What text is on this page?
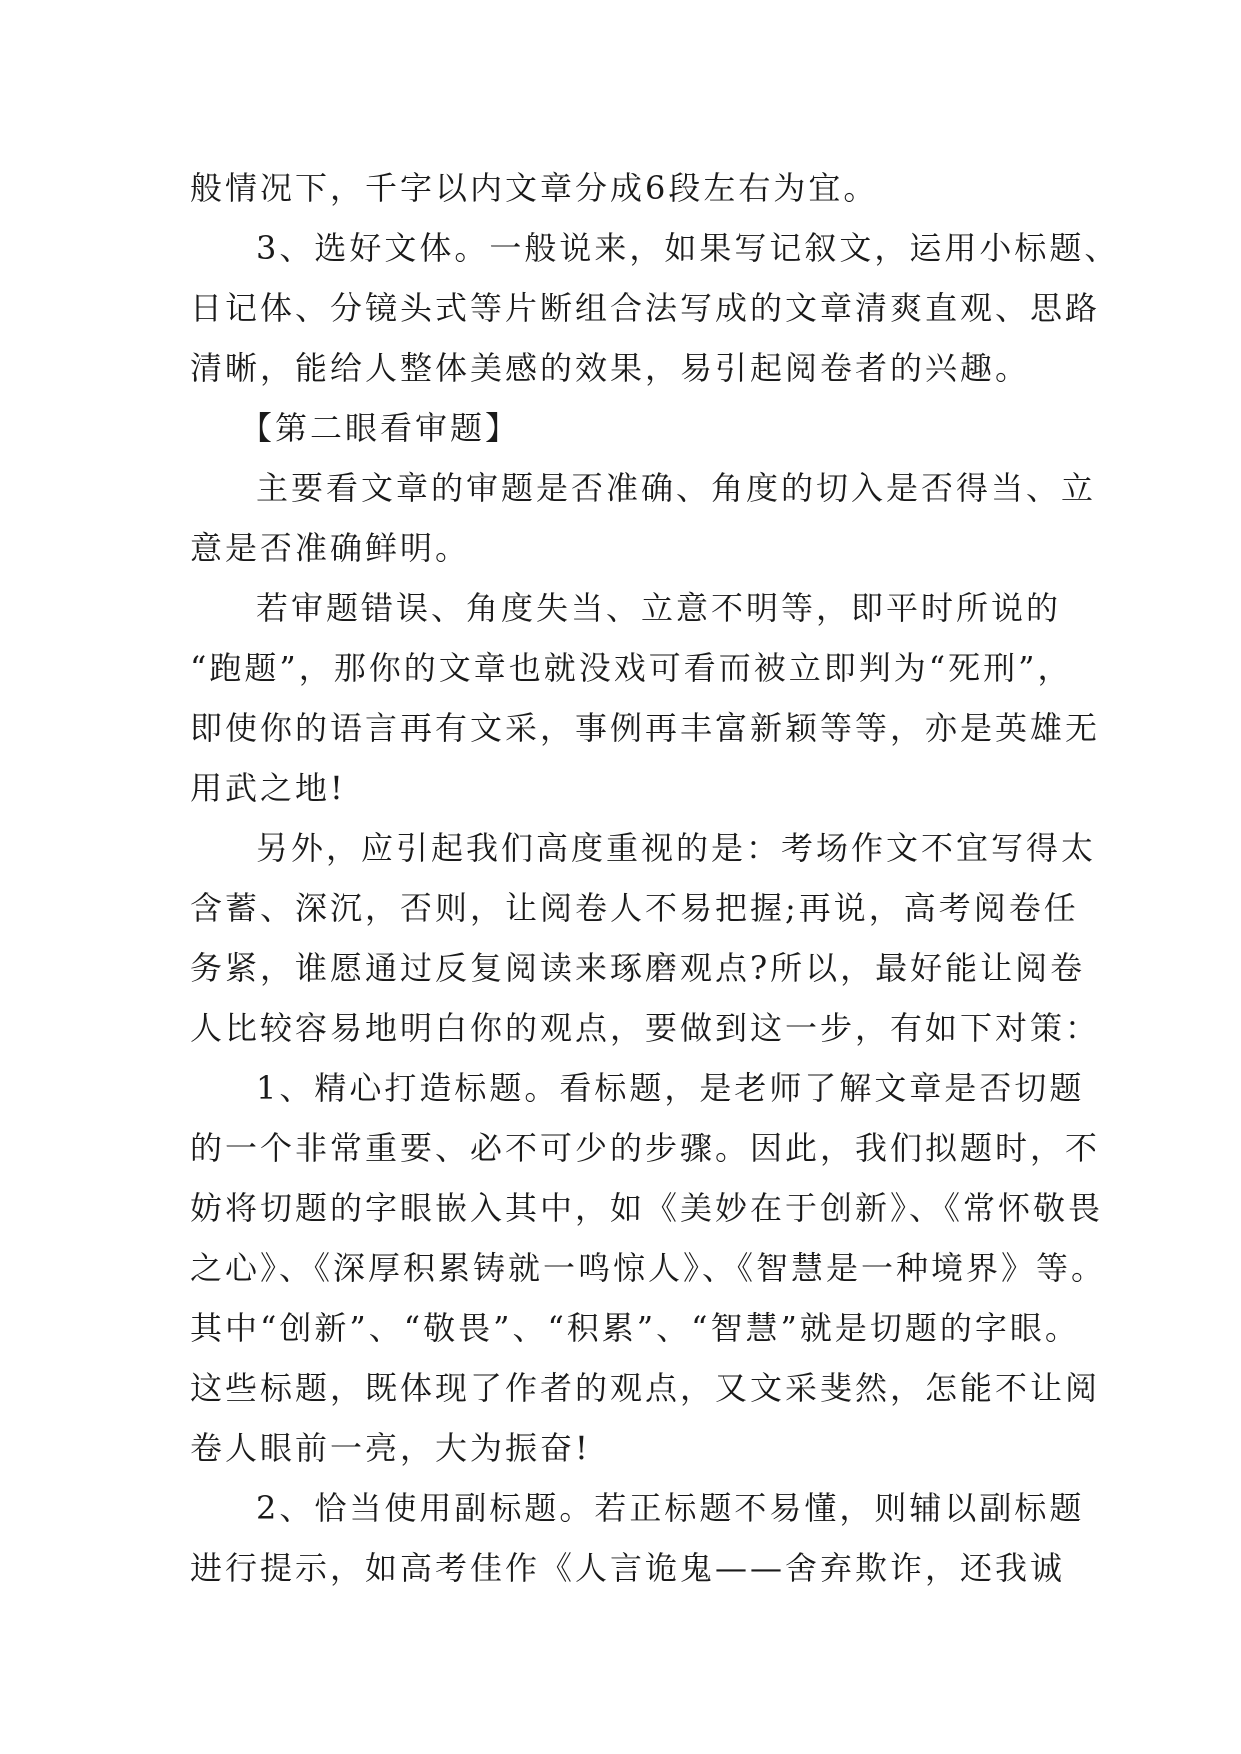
般情况下，千字以内文章分成6段左右为宜。
3、选好文体。一般说来，如果写记叙文，运用小标题、
日记体、分镜头式等片断组合法写成的文章清爽直观、思路
清晰，能给人整体美感的效果，易引起阅卷者的兴趣。
【第二眼看审题】
主要看文章的审题是否准确、角度的切入是否得当、立
意是否准确鲜明。
若审题错误、角度失当、立意不明等，即平时所说的
“跑题”，那你的文章也就没戏可看而被立即判为“死刑”，
即使你的语言再有文采，事例再丰富新颖等等，亦是英雄无
用武之地!
另外，应引起我们高度重视的是：考场作文不宜写得太
含蓄、深沉，否则，让阅卷人不易把握;再说，高考阅卷任
务紧，谁愿通过反复阅读来琢磨观点?所以，最好能让阅卷
人比较容易地明白你的观点，要做到这一步，有如下对策：
1、精心打造标题。看标题，是老师了解文章是否切题
的一个非常重要、必不可少的步骤。因此，我们拟题时，不
妨将切题的字眼嵌入其中，如《美妙在于创新》、《常怀敬畏
之心》、《深厚积累铸就一鸣惊人》、《智慧是一种境界》等。
其中“创新”、“敬畏”、“积累”、“智慧”就是切题的字眼。
这些标题，既体现了作者的观点，又文采斐然，怎能不让阅
卷人眼前一亮，大为振奋!
2、恰当使用副标题。若正标题不易懂，则辅以副标题
进行提示，如高考佳作《人言诡鬼——舍弃欺诈，还我诚
